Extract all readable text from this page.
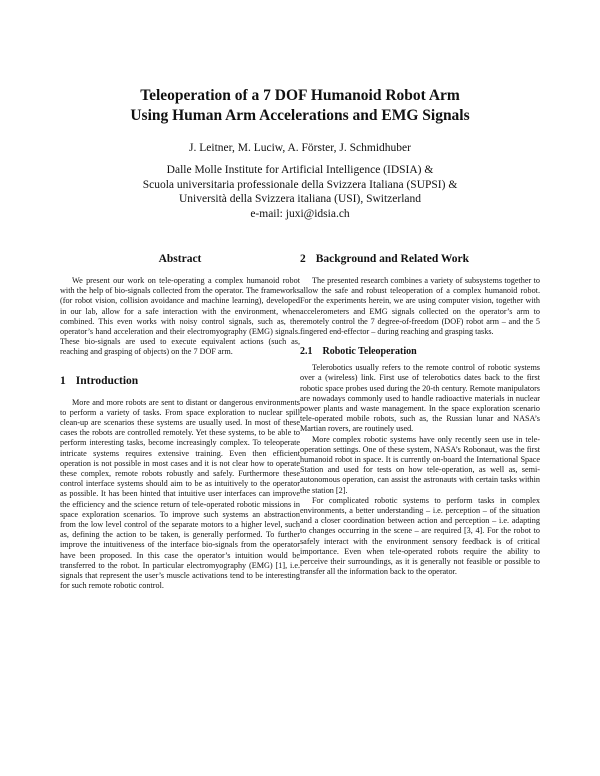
Teleoperation of a 7 DOF Humanoid Robot Arm
Using Human Arm Accelerations and EMG Signals
J. Leitner, M. Luciw, A. Förster, J. Schmidhuber
Dalle Molle Institute for Artificial Intelligence (IDSIA) &
Scuola universitaria professionale della Svizzera Italiana (SUPSI) &
Università della Svizzera italiana (USI), Switzerland
e-mail: juxi@idsia.ch
Abstract

We present our work on tele-operating a complex humanoid robot with the help of bio-signals collected from the operator. The frameworks (for robot vision, collision avoidance and machine learning), developed in our lab, allow for a safe interaction with the environment, when combined. This even works with noisy control signals, such as, the operator’s hand acceleration and their electromyography (EMG) signals. These bio-signals are used to execute equivalent actions (such as, reaching and grasping of objects) on the 7 DOF arm.

1 Introduction

More and more robots are sent to distant or dangerous environments to perform a variety of tasks. From space exploration to nuclear spill clean-up are scenarios these systems are usually used. In most of these cases the robots are controlled remotely. Yet these systems, to be able to perform interesting tasks, become increasingly complex. To teleoperate intricate systems requires extensive training. Even then efficient operation is not possible in most cases and it is not clear how to operate these complex, remote robots robustly and safely. Furthermore these control interface systems should aim to be as intuitively to the operator as possible. It has been hinted that intuitive user interfaces can improve the efficiency and the science return of tele-operated robotic missions in space exploration scenarios. To improve such systems an abstraction from the low level control of the separate motors to a higher level, such as, defining the action to be taken, is generally performed. To further improve the intuitiveness of the interface bio-signals from the operator have been proposed. In this case the operator’s intuition would be transferred to the robot. In particular electromyography (EMG) [1], i.e. signals that represent the user’s muscle activations tend to be interesting for such remote robotic control.

2 Background and Related Work

The presented research combines a variety of subsystems together to allow the safe and robust teleoperation of a complex humanoid robot. For the experiments herein, we are using computer vision, together with accelerometers and EMG signals collected on the operator’s arm to remotely control the 7 degree-of-freedom (DOF) robot arm – and the 5 fingered end-effector – during reaching and grasping tasks.

2.1 Robotic Teleoperation

Telerobotics usually refers to the remote control of robotic systems over a (wireless) link. First use of telerobotics dates back to the first robotic space probes used during the 20-th century. Remote manipulators are nowadays commonly used to handle radioactive materials in nuclear power plants and waste management. In the space exploration scenario tele-operated mobile robots, such as, the Russian lunar and NASA’s Martian rovers, are routinely used.

More complex robotic systems have only recently seen use in tele-operation settings. One of these system, NASA’s Robonaut, was the first humanoid robot in space. It is currently on-board the International Space Station and used for tests on how tele-operation, as well as, semi-autonomous operation, can assist the astronauts with certain tasks within the station [2].

For complicated robotic systems to perform tasks in complex environments, a better understanding – i.e. perception – of the situation and a closer coordination between action and perception – i.e. adapting to changes occurring in the scene – are required [3, 4]. For the robot to safely interact with the environment sensory feedback is of critical importance. Even when tele-operated robots require the ability to perceive their surroundings, as it is generally not feasible or possible to transfer all the information back to the operator.
